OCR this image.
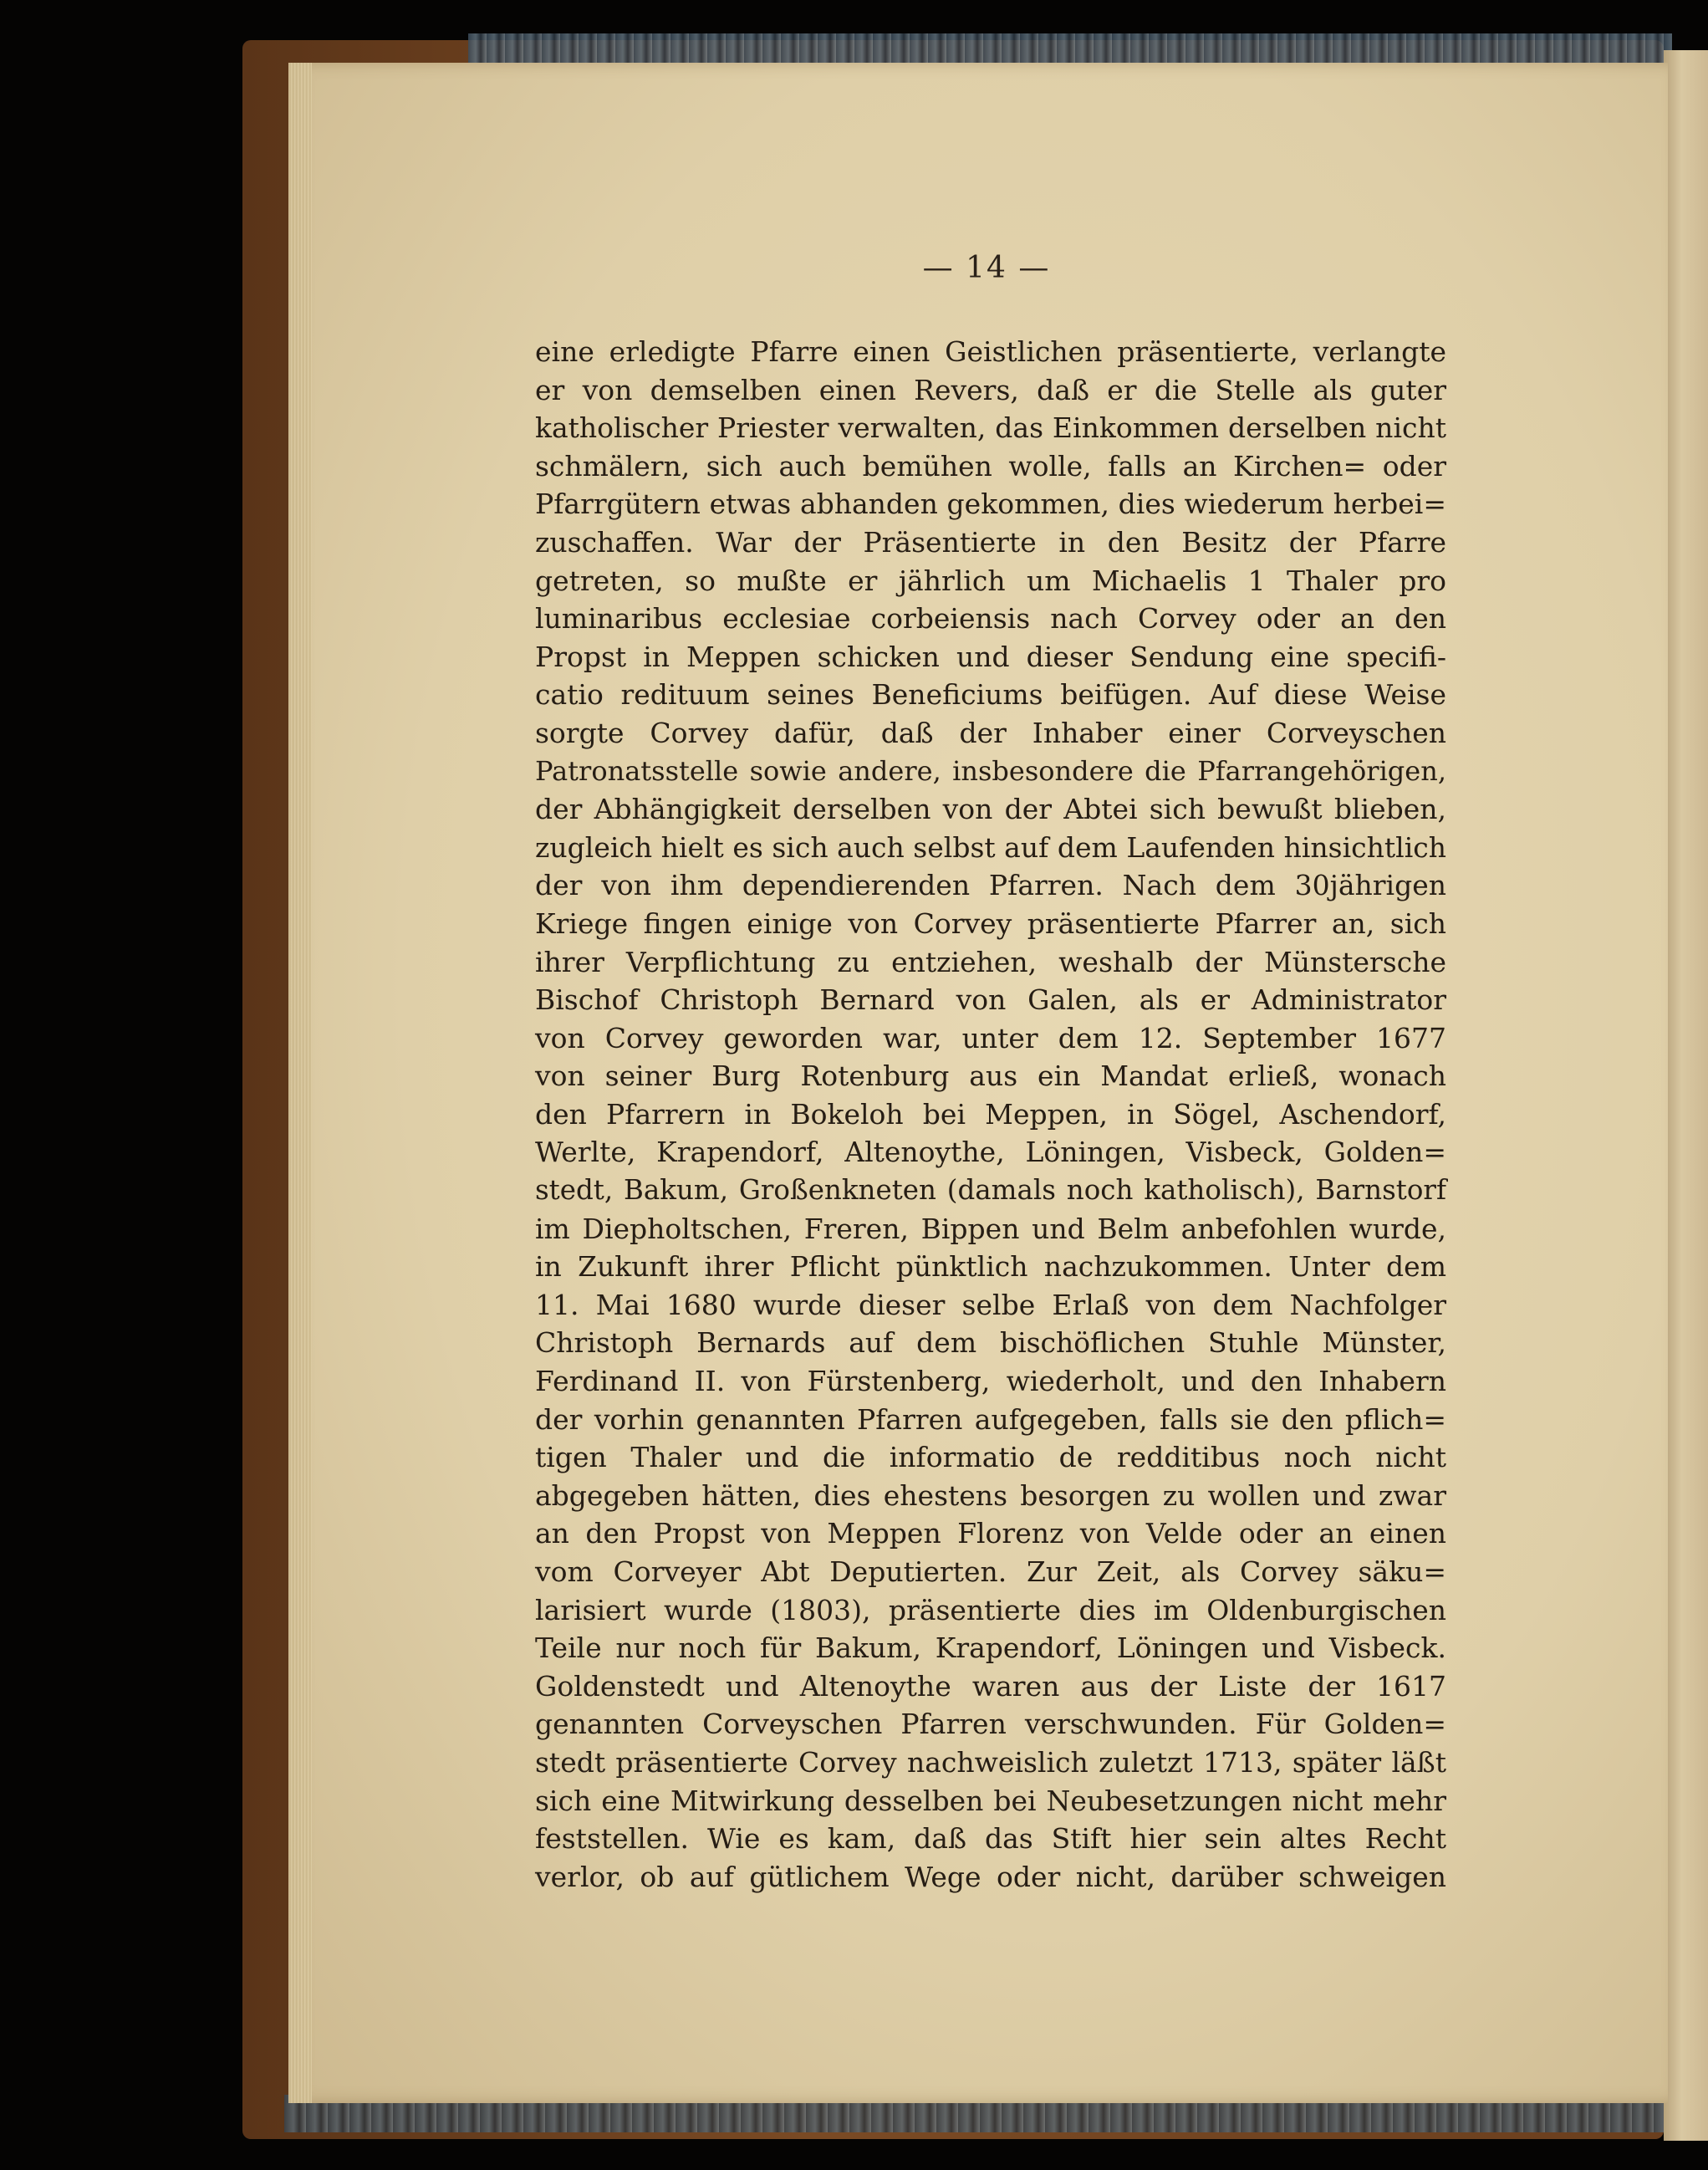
— 14 —
eine erledigte Pfarre einen Geistlichen präsentierte, verlangte
er von demselben einen Revers, daß er die Stelle als guter
katholischer Priester verwalten, das Einkommen derselben nicht
schmälern, sich auch bemühen wolle, falls an Kirchen= oder
Pfarrgütern etwas abhanden gekommen, dies wiederum herbei=
zuschaffen. War der Präsentierte in den Besitz der Pfarre
getreten, so mußte er jährlich um Michaelis 1 Thaler pro
luminaribus ecclesiae corbeiensis nach Corvey oder an den
Propst in Meppen schicken und dieser Sendung eine specifi-
catio redituum seines Beneficiums beifügen. Auf diese Weise
sorgte Corvey dafür, daß der Inhaber einer Corveyschen
Patronatsstelle sowie andere, insbesondere die Pfarrangehörigen,
der Abhängigkeit derselben von der Abtei sich bewußt blieben,
zugleich hielt es sich auch selbst auf dem Laufenden hinsichtlich
der von ihm dependierenden Pfarren. Nach dem 30jährigen
Kriege fingen einige von Corvey präsentierte Pfarrer an, sich
ihrer Verpflichtung zu entziehen, weshalb der Münstersche
Bischof Christoph Bernard von Galen, als er Administrator
von Corvey geworden war, unter dem 12. September 1677
von seiner Burg Rotenburg aus ein Mandat erließ, wonach
den Pfarrern in Bokeloh bei Meppen, in Sögel, Aschendorf,
Werlte, Krapendorf, Altenoythe, Löningen, Visbeck, Golden=
stedt, Bakum, Großenkneten (damals noch katholisch), Barnstorf
im Diepholtschen, Freren, Bippen und Belm anbefohlen wurde,
in Zukunft ihrer Pflicht pünktlich nachzukommen. Unter dem
11. Mai 1680 wurde dieser selbe Erlaß von dem Nachfolger
Christoph Bernards auf dem bischöflichen Stuhle Münster,
Ferdinand II. von Fürstenberg, wiederholt, und den Inhabern
der vorhin genannten Pfarren aufgegeben, falls sie den pflich=
tigen Thaler und die informatio de redditibus noch nicht
abgegeben hätten, dies ehestens besorgen zu wollen und zwar
an den Propst von Meppen Florenz von Velde oder an einen
vom Corveyer Abt Deputierten. Zur Zeit, als Corvey säku=
larisiert wurde (1803), präsentierte dies im Oldenburgischen
Teile nur noch für Bakum, Krapendorf, Löningen und Visbeck.
Goldenstedt und Altenoythe waren aus der Liste der 1617
genannten Corveyschen Pfarren verschwunden. Für Golden=
stedt präsentierte Corvey nachweislich zuletzt 1713, später läßt
sich eine Mitwirkung desselben bei Neubesetzungen nicht mehr
feststellen. Wie es kam, daß das Stift hier sein altes Recht
verlor, ob auf gütlichem Wege oder nicht, darüber schweigen
